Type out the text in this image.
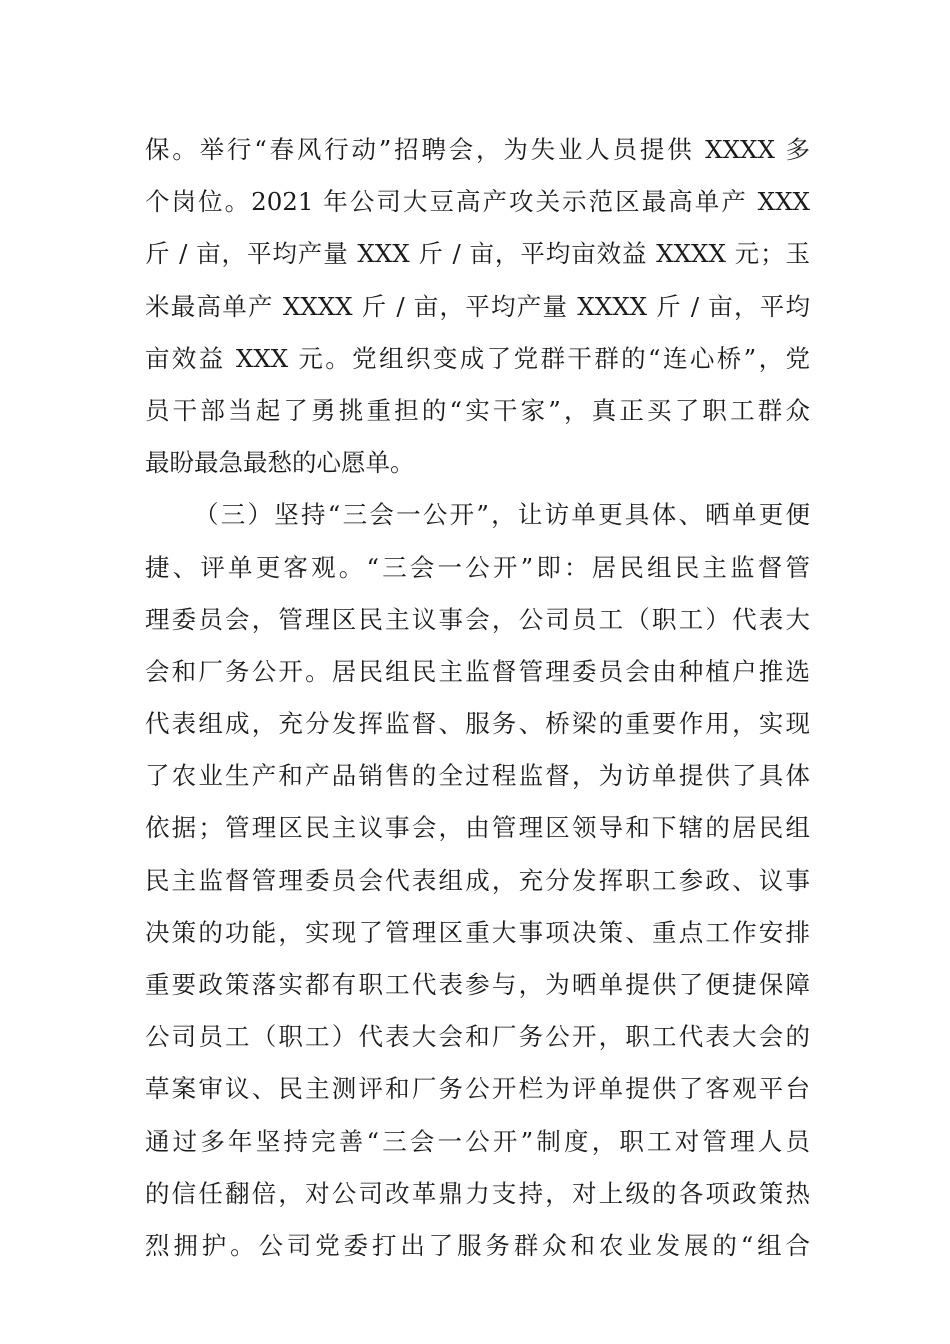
保。举行“春风行动”招聘会，为失业人员提供 XXXX 多
个岗位。2021 年公司大豆高产攻关示范区最高单产 XXX
斤 / 亩，平均产量 XXX 斤 / 亩，平均亩效益 XXXX 元；玉
米最高单产 XXXX 斤 / 亩，平均产量 XXXX 斤 / 亩，平均
亩效益 XXX 元。党组织变成了党群干群的“连心桥”，党
员干部当起了勇挑重担的“实干家”，真正买了职工群众
最盼最急最愁的心愿单。
（三）坚持“三会一公开”，让访单更具体、晒单更便
捷、评单更客观。“三会一公开”即：居民组民主监督管
理委员会，管理区民主议事会，公司员工（职工）代表大
会和厂务公开。居民组民主监督管理委员会由种植户推选
代表组成，充分发挥监督、服务、桥梁的重要作用，实现
了农业生产和产品销售的全过程监督，为访单提供了具体
依据；管理区民主议事会，由管理区领导和下辖的居民组
民主监督管理委员会代表组成，充分发挥职工参政、议事
决策的功能，实现了管理区重大事项决策、重点工作安排
重要政策落实都有职工代表参与，为晒单提供了便捷保障
公司员工（职工）代表大会和厂务公开，职工代表大会的
草案审议、民主测评和厂务公开栏为评单提供了客观平台
通过多年坚持完善“三会一公开”制度，职工对管理人员
的信任翻倍，对公司改革鼎力支持，对上级的各项政策热
烈拥护。公司党委打出了服务群众和农业发展的“组合
